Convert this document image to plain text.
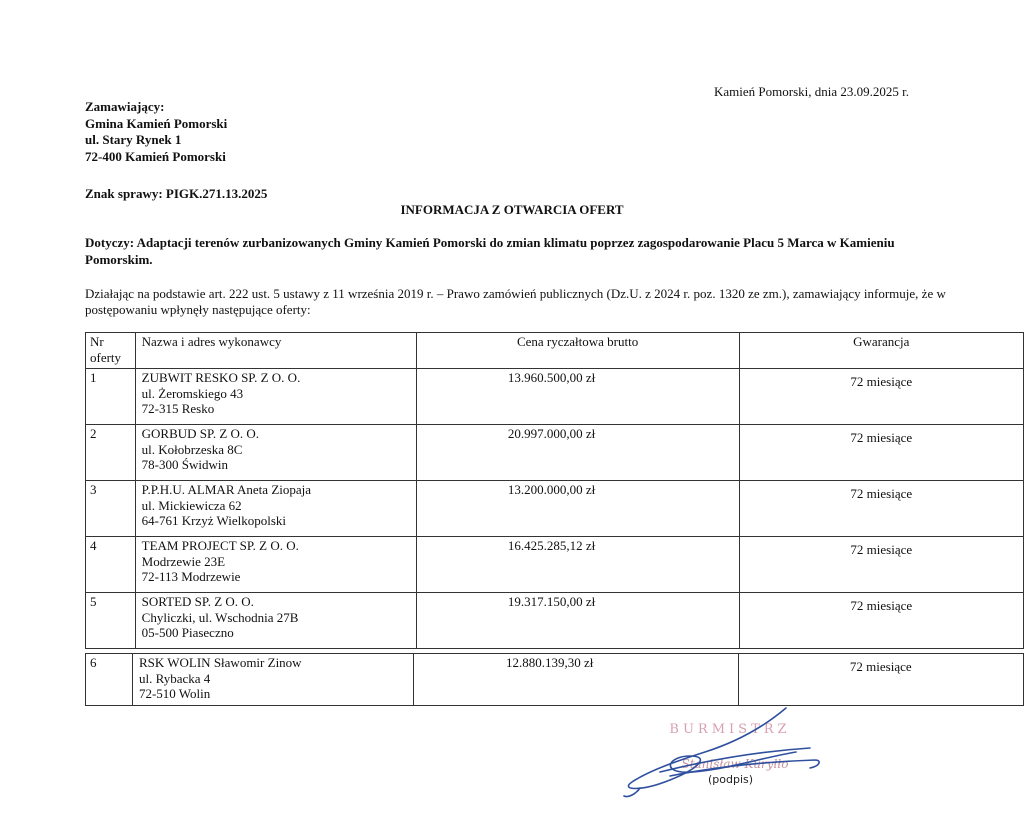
Kamień Pomorski, dnia 23.09.2025 r.
Zamawiający:
Gmina Kamień Pomorski
ul. Stary Rynek 1
72-400 Kamień Pomorski
Znak sprawy: PIGK.271.13.2025
INFORMACJA Z OTWARCIA OFERT
Dotyczy: Adaptacji terenów zurbanizowanych Gminy Kamień Pomorski do zmian klimatu poprzez zagospodarowanie Placu 5 Marca w Kamieniu Pomorskim.
Działając na podstawie art. 222 ust. 5 ustawy z 11 września 2019 r. – Prawo zamówień publicznych (Dz.U. z 2024 r. poz. 1320 ze zm.), zamawiający informuje, że w postępowaniu wpłynęły następujące oferty:
Nr
oferty	Nazwa i adres wykonawcy	Cena ryczałtowa brutto	Gwarancja
1	ZUBWIT RESKO SP. Z O. O.
ul. Żeromskiego 43
72-315 Resko	13.960.500,00 zł	72 miesiące
2	GORBUD SP. Z O. O.
ul. Kołobrzeska 8C
78-300 Świdwin	20.997.000,00 zł	72 miesiące
3	P.P.H.U. ALMAR Aneta Ziopaja
ul. Mickiewicza 62
64-761 Krzyż Wielkopolski	13.200.000,00 zł	72 miesiące
4	TEAM PROJECT SP. Z O. O.
Modrzewie 23E
72-113 Modrzewie	16.425.285,12 zł	72 miesiące
5	SORTED SP. Z O. O.
Chyliczki, ul. Wschodnia 27B
05-500 Piaseczno	19.317.150,00 zł	72 miesiące
6	RSK WOLIN Sławomir Zinow
ul. Rybacka 4
72-510 Wolin
	12.880.139,30 zł	72 miesiące
BURMISTRZ
Stanisław Kuryłło
(podpis)
